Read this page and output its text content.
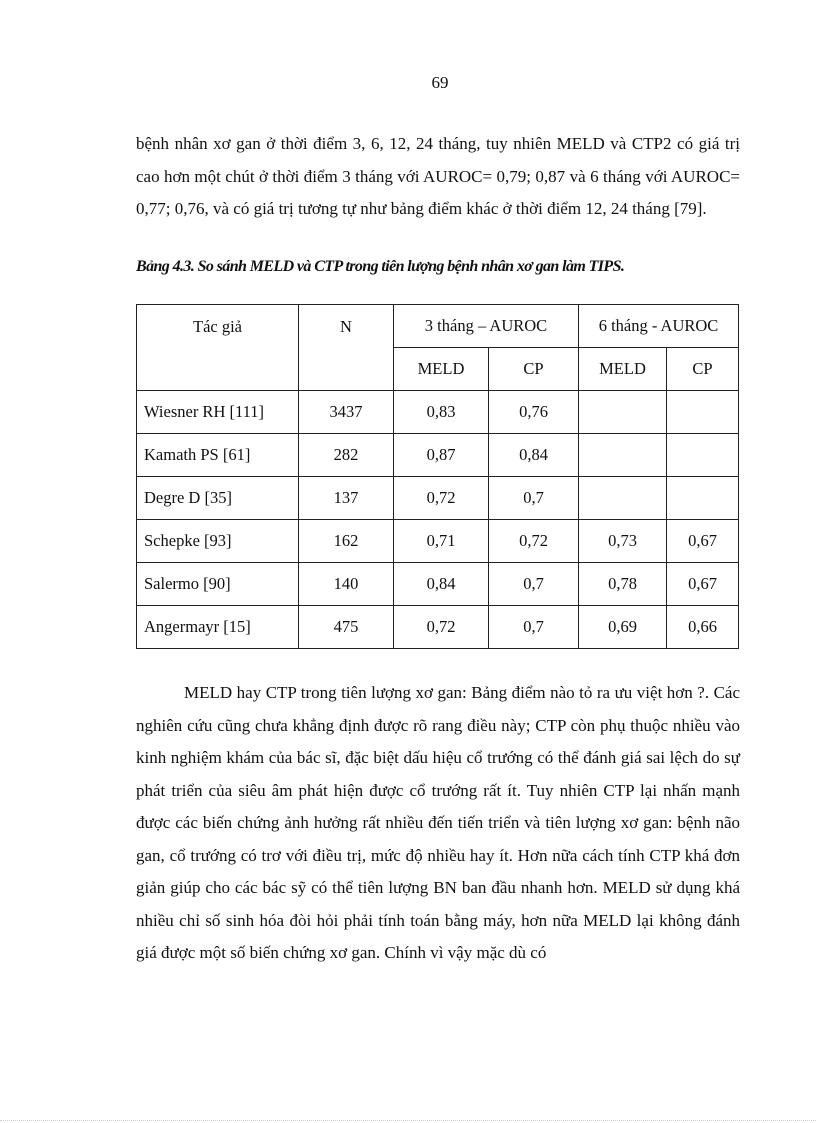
69

bệnh nhân xơ gan ở thời điểm 3, 6, 12, 24 tháng, tuy nhiên MELD và CTP2 có giá trị cao hơn một chút ở thời điểm 3 tháng với AUROC= 0,79; 0,87 và 6 tháng với AUROC= 0,77; 0,76, và có giá trị tương tự như bảng điểm khác ở thời điểm 12, 24 tháng [79].

Bảng 4.3. So sánh MELD và CTP trong tiên lượng bệnh nhân xơ gan làm TIPS.

Tác giả	N	3 tháng – AUROC		6 tháng - AUROC	
		MELD	CP	MELD	CP
Wiesner RH [111]	3437	0,83	0,76		
Kamath PS [61]	282	0,87	0,84		
Degre D [35]	137	0,72	0,7		
Schepke [93]	162	0,71	0,72	0,73	0,67
Salermo [90]	140	0,84	0,7	0,78	0,67
Angermayr [15]	475	0,72	0,7	0,69	0,66

MELD hay CTP trong tiên lượng xơ gan: Bảng điểm nào tỏ ra ưu việt hơn ?. Các nghiên cứu cũng chưa khẳng định được rõ rang điều này; CTP còn phụ thuộc nhiều vào kinh nghiệm khám của bác sĩ, đặc biệt dấu hiệu cổ trướng có thể đánh giá sai lệch do sự phát triển của siêu âm phát hiện được cổ trướng rất ít. Tuy nhiên CTP lại nhấn mạnh được các biến chứng ảnh hưởng rất nhiều đến tiến triển và tiên lượng xơ gan: bệnh não gan, cổ trướng có trơ với điều trị, mức độ nhiều hay ít. Hơn nữa cách tính CTP khá đơn giản giúp cho các bác sỹ có thể tiên lượng BN ban đầu nhanh hơn. MELD sử dụng khá nhiều chỉ số sinh hóa đòi hỏi phải tính toán bằng máy, hơn nữa MELD lại không đánh giá được một số biến chứng xơ gan. Chính vì vậy mặc dù có
